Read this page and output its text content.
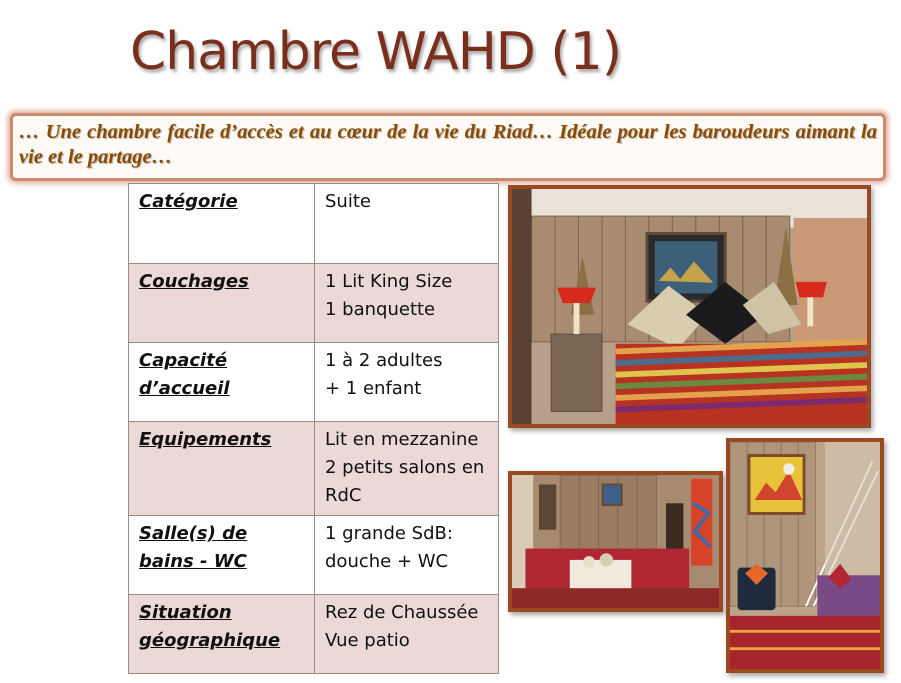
Chambre WAHD (1)

… Une chambre facile d’accès et au cœur de la vie du Riad… Idéale pour les baroudeurs aimant la vie et le partage…

Catégorie	Suite

Couchages	1 Lit King Size
1 banquette

Capacité d’accueil	1 à 2 adultes
+ 1 enfant

Equipements	Lit en mezzanine
2 petits salons en RdC

Salle(s) de bains - WC	1 grande SdB:
douche + WC

Situation géographique	Rez de Chaussée
Vue patio
